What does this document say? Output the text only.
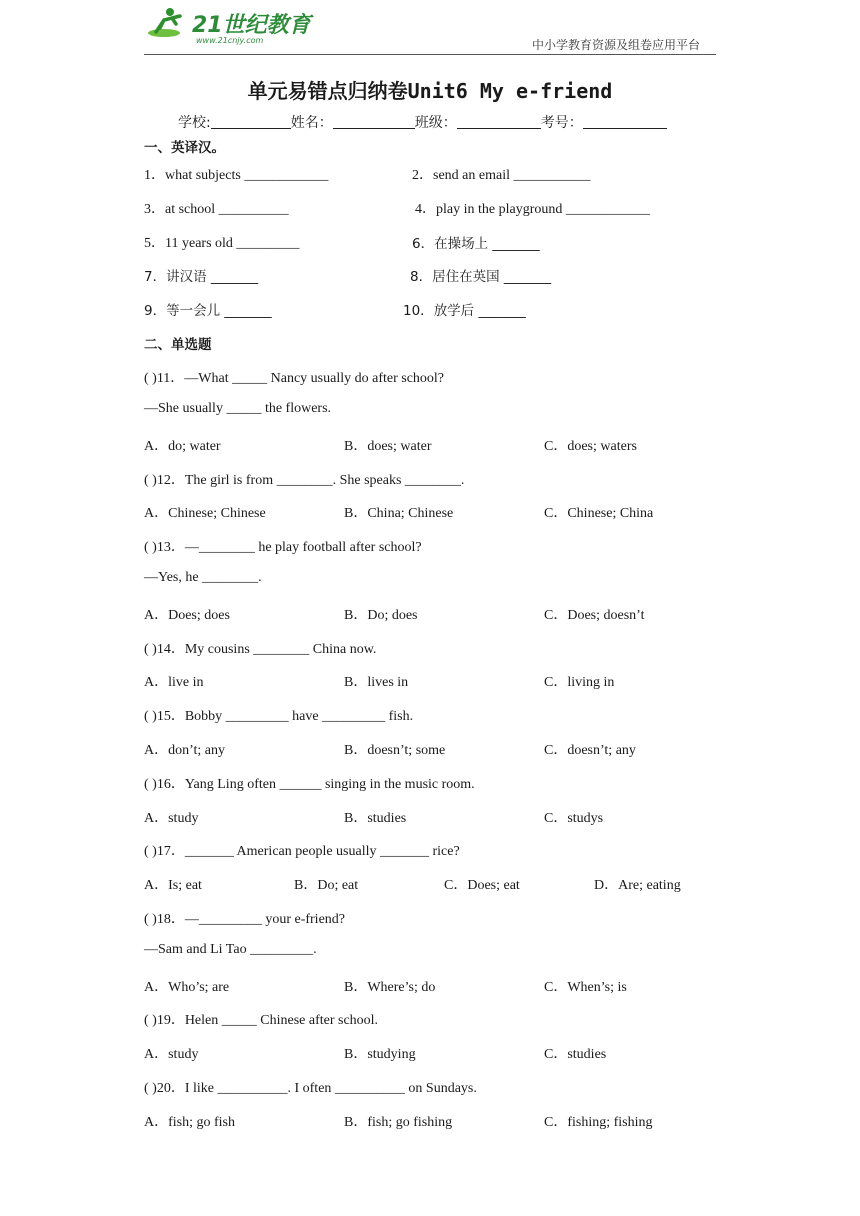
21世纪教育
www.21cnjy.com	中小学教育资源及组卷应用平台
单元易错点归纳卷Unit6 My e-friend
学校:	姓名：	班级：	考号：
一、英译汉。
1．what subjects ____________	2．send an email ___________
3．at school __________	4．play in the playground ____________
5．11 years old _________	6．在操场上 _______
7．讲汉语 _______	8．居住在英国 _______
9．等一会儿 _______	10．放学后 _______
二、单选题
( )11．—What _____ Nancy usually do after school?
—She usually _____ the flowers.
A．do; water	B．does; water	C．does; waters
( )12．The girl is from ________. She speaks ________.
A．Chinese; Chinese	B．China; Chinese	C．Chinese; China
( )13．—________ he play football after school?
—Yes, he ________.
A．Does; does	B．Do; does	C．Does; doesn’t
( )14．My cousins ________ China now.
A．live in	B．lives in	C．living in
( )15．Bobby _________ have _________ fish.
A．don’t; any	B．doesn’t; some	C．doesn’t; any
( )16．Yang Ling often ______ singing in the music room.
A．study	B．studies	C．studys
( )17．_______ American people usually _______ rice?
A．Is; eat	B．Do; eat	C．Does; eat	D．Are; eating
( )18．—_________ your e-friend?
—Sam and Li Tao _________.
A．Who’s; are	B．Where’s; do	C．When’s; is
( )19．Helen _____ Chinese after school.
A．study	B．studying	C．studies
( )20．I like __________. I often __________ on Sundays.
A．fish; go fish	B．fish; go fishing	C．fishing; fishing
